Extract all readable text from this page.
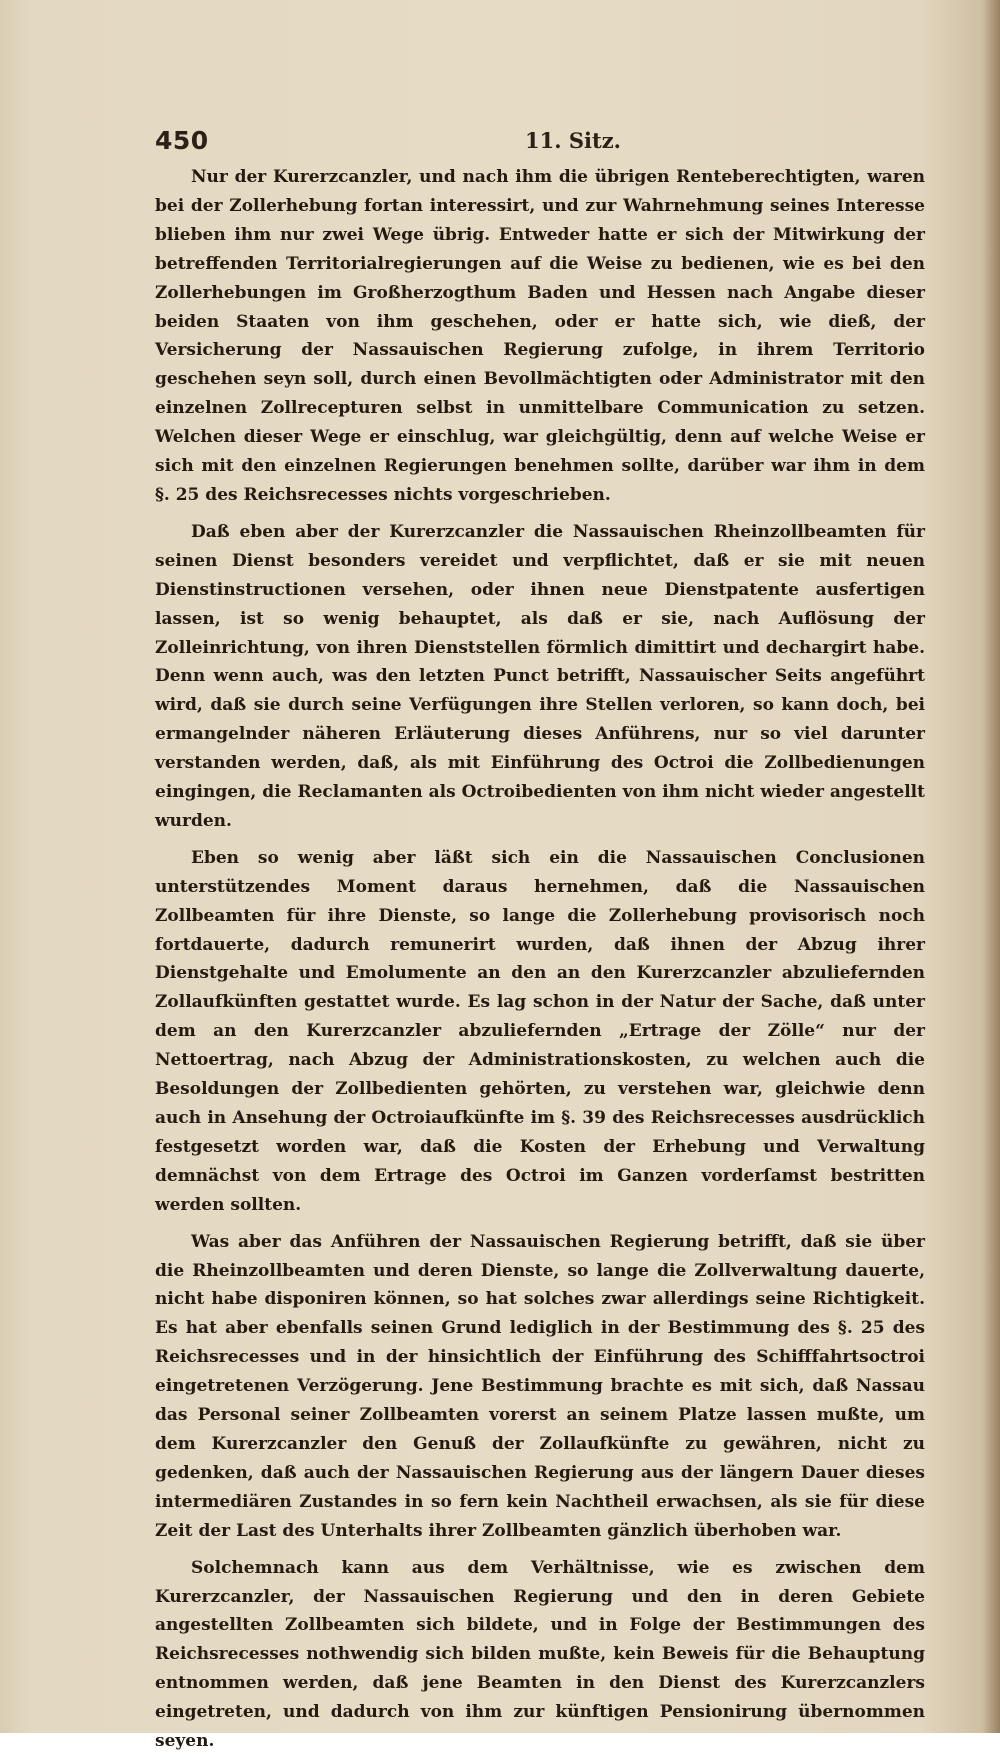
450	11. Sitz.

Nur der Kurerzcanzler, und nach ihm die übrigen Renteberechtigten, waren bei der Zollerhebung fortan interessirt, und zur Wahrnehmung seines Interesse blieben ihm nur zwei Wege übrig. Entweder hatte er sich der Mitwirkung der betreffenden Territorialregierungen auf die Weise zu bedienen, wie es bei den Zollerhebungen im Großherzogthum Baden und Hessen nach Angabe dieser beiden Staaten von ihm geschehen, oder er hatte sich, wie dieß, der Versicherung der Nassauischen Regierung zufolge, in ihrem Territorio geschehen seyn soll, durch einen Bevollmächtigten oder Administrator mit den einzelnen Zollrecepturen selbst in unmittelbare Communication zu setzen. Welchen dieser Wege er einschlug, war gleichgültig, denn auf welche Weise er sich mit den einzelnen Regierungen benehmen sollte, darüber war ihm in dem §. 25 des Reichsrecesses nichts vorgeschrieben.

Daß eben aber der Kurerzcanzler die Nassauischen Rheinzollbeamten für seinen Dienst besonders vereidet und verpflichtet, daß er sie mit neuen Dienstinstructionen versehen, oder ihnen neue Dienstpatente ausfertigen lassen, ist so wenig behauptet, als daß er sie, nach Auflösung der Zolleinrichtung, von ihren Dienststellen förmlich dimittirt und dechargirt habe. Denn wenn auch, was den letzten Punct betrifft, Nassauischer Seits angeführt wird, daß sie durch seine Verfügungen ihre Stellen verloren, so kann doch, bei ermangelnder näheren Erläuterung dieses Anführens, nur so viel darunter verstanden werden, daß, als mit Einführung des Octroi die Zollbedienungen eingingen, die Reclamanten als Octroibedienten von ihm nicht wieder angestellt wurden.

Eben so wenig aber läßt sich ein die Nassauischen Conclusionen unterstützendes Moment daraus hernehmen, daß die Nassauischen Zollbeamten für ihre Dienste, so lange die Zollerhebung provisorisch noch fortdauerte, dadurch remunerirt wurden, daß ihnen der Abzug ihrer Dienstgehalte und Emolumente an den an den Kurerzcanzler abzuliefernden Zollaufkünften gestattet wurde. Es lag schon in der Natur der Sache, daß unter dem an den Kurerzcanzler abzuliefernden „Ertrage der Zölle“ nur der Nettoertrag, nach Abzug der Administrationskosten, zu welchen auch die Besoldungen der Zollbedienten gehörten, zu verstehen war, gleichwie denn auch in Ansehung der Octroiaufkünfte im §. 39 des Reichsrecesses ausdrücklich festgesetzt worden war, daß die Kosten der Erhebung und Verwaltung demnächst von dem Ertrage des Octroi im Ganzen vorderſamst bestritten werden sollten.

Was aber das Anführen der Nassauischen Regierung betrifft, daß sie über die Rheinzollbeamten und deren Dienste, so lange die Zollverwaltung dauerte, nicht habe disponiren können, so hat solches zwar allerdings seine Richtigkeit. Es hat aber ebenfalls seinen Grund lediglich in der Bestimmung des §. 25 des Reichsrecesses und in der hinsichtlich der Einführung des Schifffahrtsoctroi eingetretenen Verzögerung. Jene Bestimmung brachte es mit sich, daß Nassau das Personal seiner Zollbeamten vorerst an seinem Platze lassen mußte, um dem Kurerzcanzler den Genuß der Zollaufkünfte zu gewähren, nicht zu gedenken, daß auch der Nassauischen Regierung aus der längern Dauer dieses intermediären Zustandes in so fern kein Nachtheil erwachsen, als sie für diese Zeit der Last des Unterhalts ihrer Zollbeamten gänzlich überhoben war.

Solchemnach kann aus dem Verhältnisse, wie es zwischen dem Kurerzcanzler, der Nassauischen Regierung und den in deren Gebiete angestellten Zollbeamten sich bildete, und in Folge der Bestimmungen des Reichsrecesses nothwendig sich bilden mußte, kein Beweis für die Behauptung entnommen werden, daß jene Beamten in den Dienst des Kurerzcanzlers eingetreten, und dadurch von ihm zur künftigen Pensionirung übernommen seyen.
